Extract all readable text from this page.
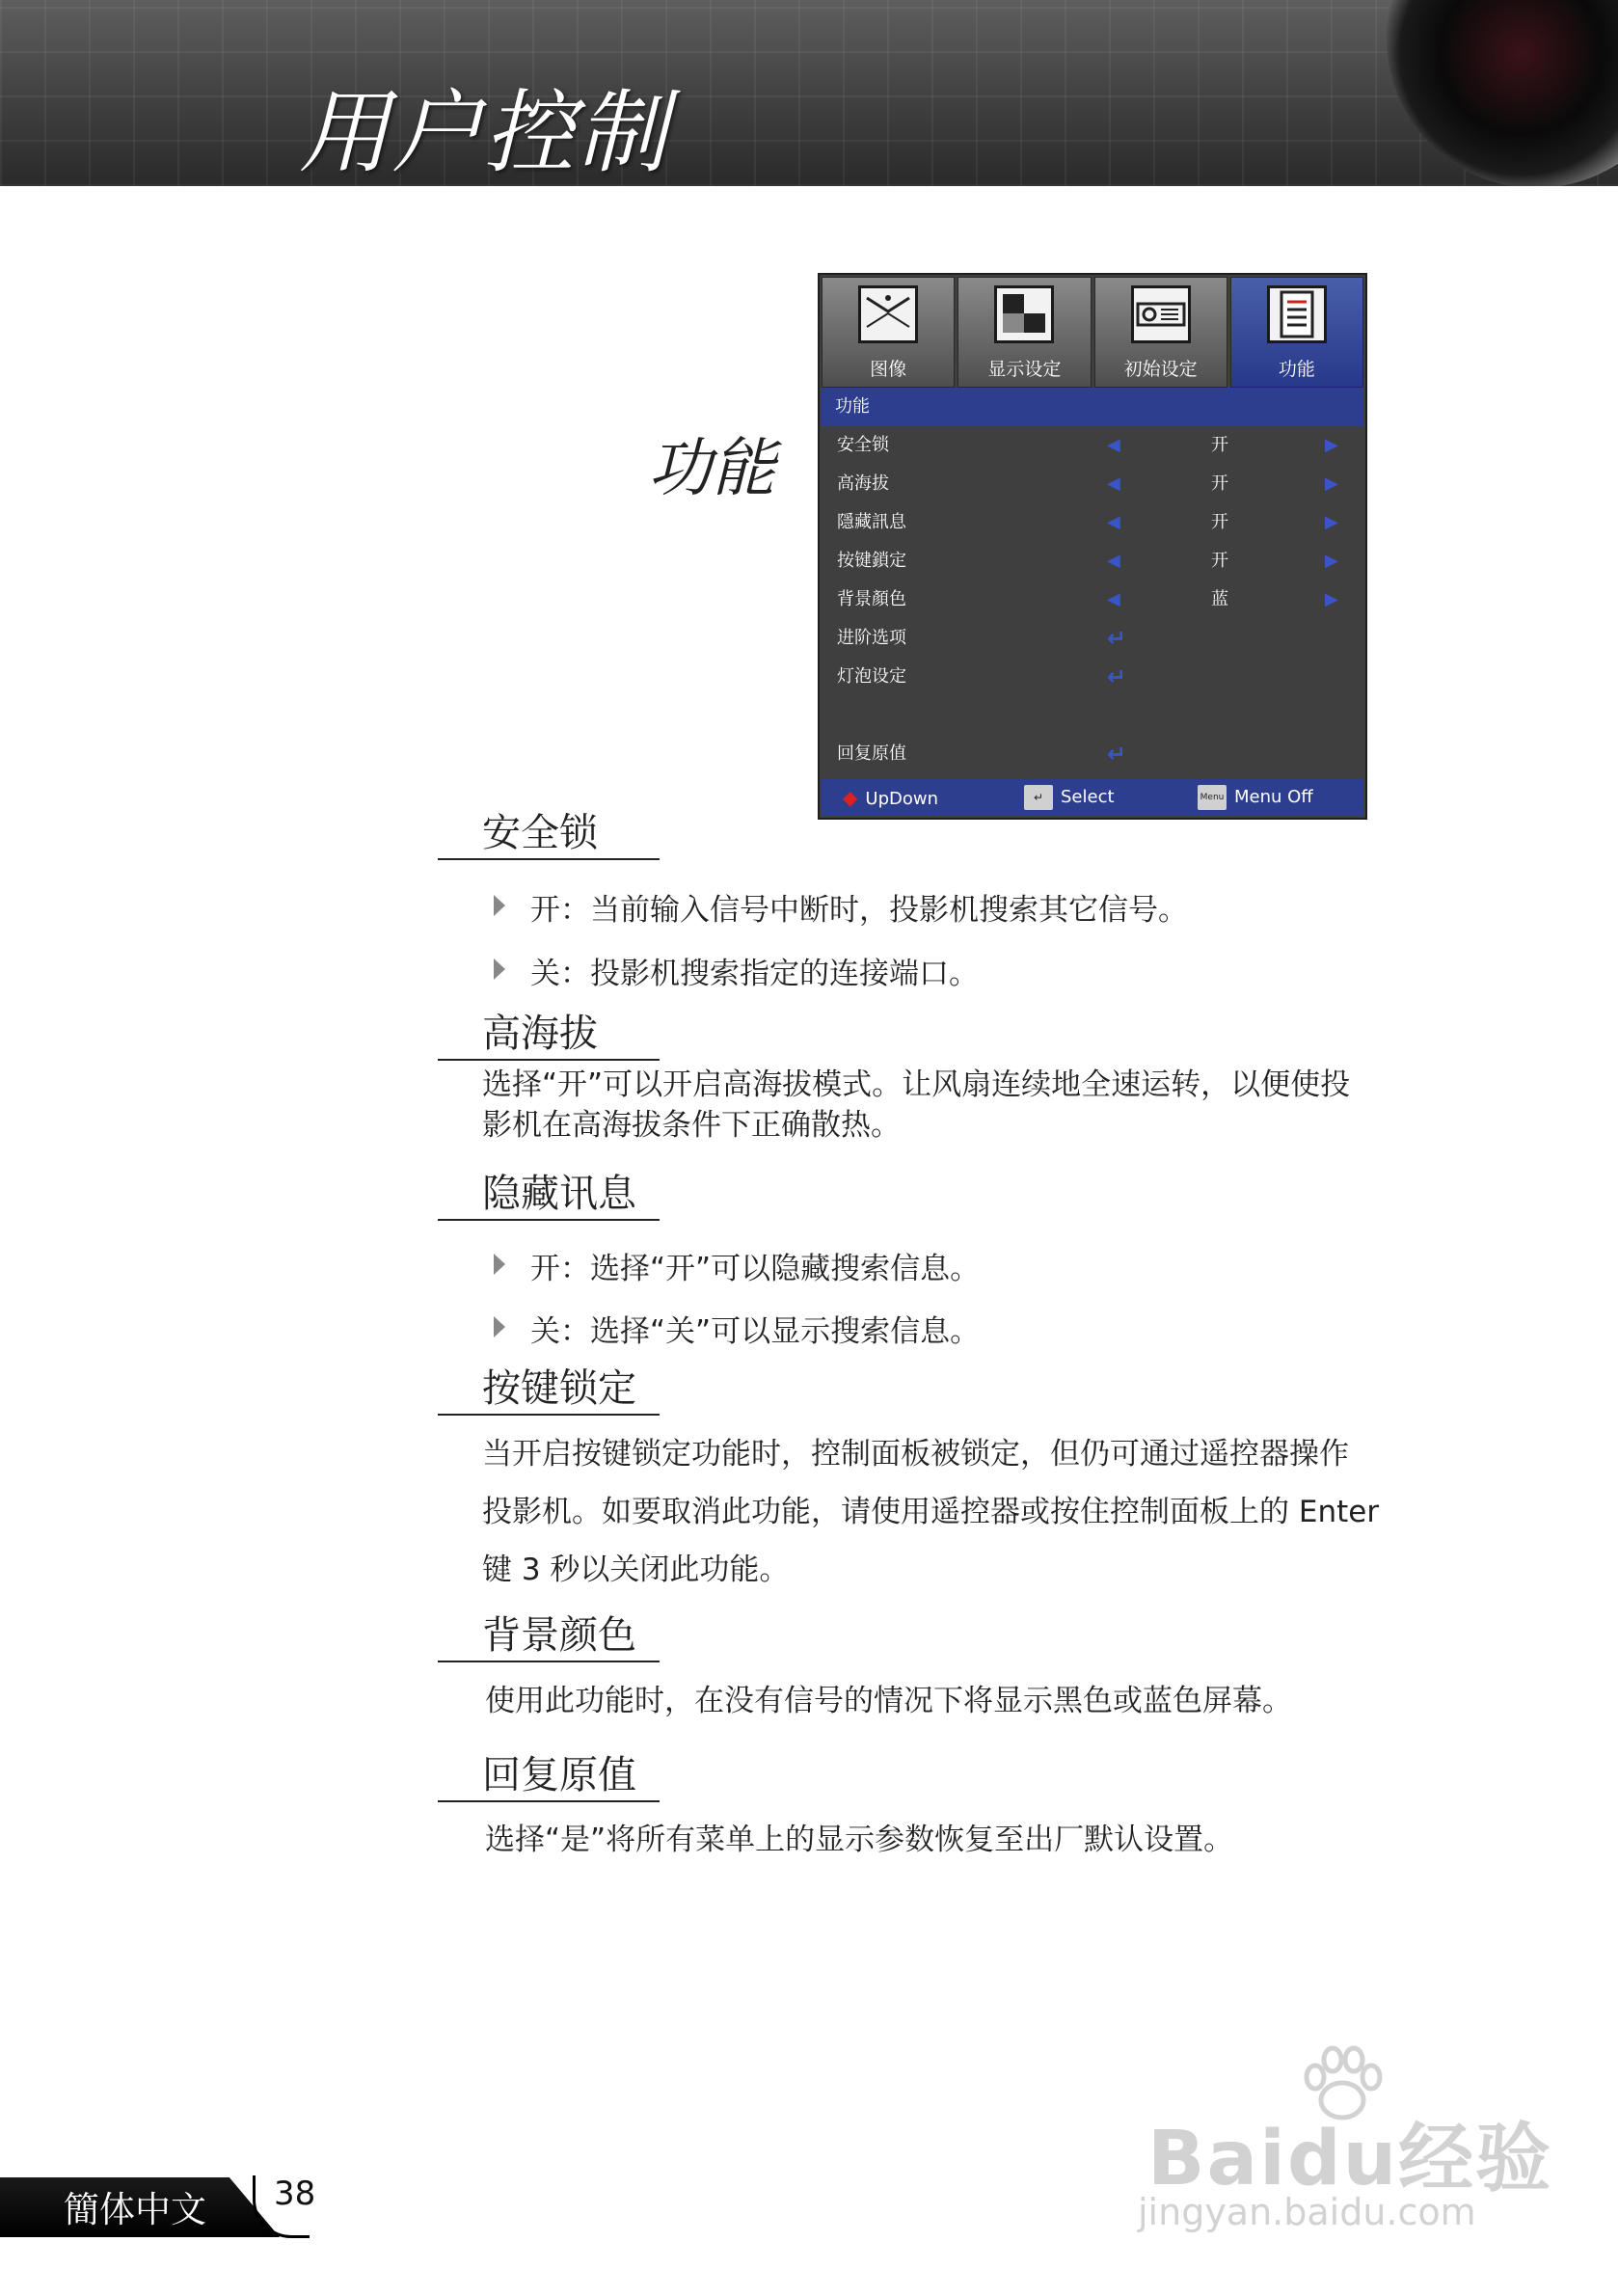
用户控制
功能
图像	显示设定	初始设定	功能
功能
安全锁	◀	开	▶
高海拔	◀	开	▶
隱藏訊息	◀	开	▶
按键鎖定	◀	开	▶
背景顏色	◀	蓝	▶
进阶选项	↵
灯泡设定	↵
回复原值	↵
◆ UpDown	↵ Select	Menu Menu Off
安全锁
开：当前输入信号中断时，投影机搜索其它信号。
关：投影机搜索指定的连接端口。
高海拔
选择“开”可以开启高海拔模式。让风扇连续地全速运转，以便使投
影机在高海拔条件下正确散热。
隐藏讯息
开：选择“开”可以隐藏搜索信息。
关：选择“关”可以显示搜索信息。
按键锁定
当开启按键锁定功能时，控制面板被锁定，但仍可通过遥控器操作
投影机。如要取消此功能，请使用遥控器或按住控制面板上的 Enter
键 3 秒以关闭此功能。
背景颜色
使用此功能时，在没有信号的情况下将显示黑色或蓝色屏幕。
回复原值
选择“是”将所有菜单上的显示参数恢复至出厂默认设置。
簡体中文 38	Baidu经验
jingyan.baidu.com
